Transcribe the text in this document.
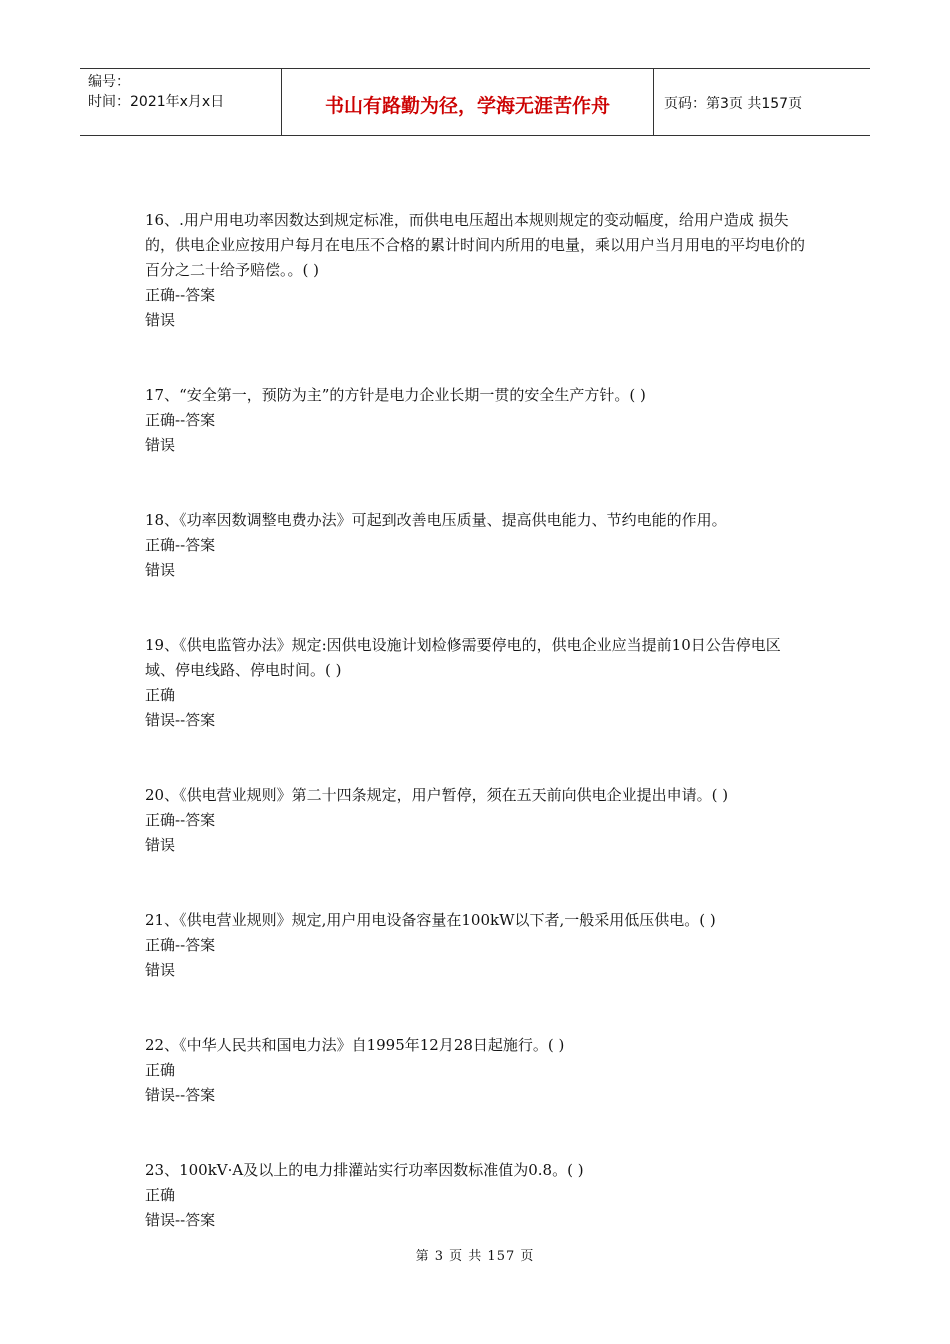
编号：
时间：2021年x月x日	书山有路勤为径，学海无涯苦作舟	页码：第3页 共157页
16、.用户用电功率因数达到规定标准，而供电电压超出本规则规定的变动幅度，给用户造成 损失的，供电企业应按用户每月在电压不合格的累计时间内所用的电量，乘以用户当月用电的平均电价的百分之二十给予赔偿。。( )
正确--答案
错误
17、“安全第一，预防为主”的方针是电力企业长期一贯的安全生产方针。( )
正确--答案
错误
18、《功率因数调整电费办法》可起到改善电压质量、提高供电能力、节约电能的作用。
正确--答案
错误
19、《供电监管办法》规定:因供电设施计划检修需要停电的，供电企业应当提前10日公告停电区域、停电线路、停电时间。( )
正确
错误--答案
20、《供电营业规则》第二十四条规定，用户暂停，须在五天前向供电企业提出申请。( )
正确--答案
错误
21、《供电营业规则》规定,用户用电设备容量在100kW以下者,一般采用低压供电。( )
正确--答案
错误
22、《中华人民共和国电力法》自1995年12月28日起施行。( )
正确
错误--答案
23、100kV·A及以上的电力排灌站实行功率因数标准值为0.8。( )
正确
错误--答案
第 3 页 共 157 页
